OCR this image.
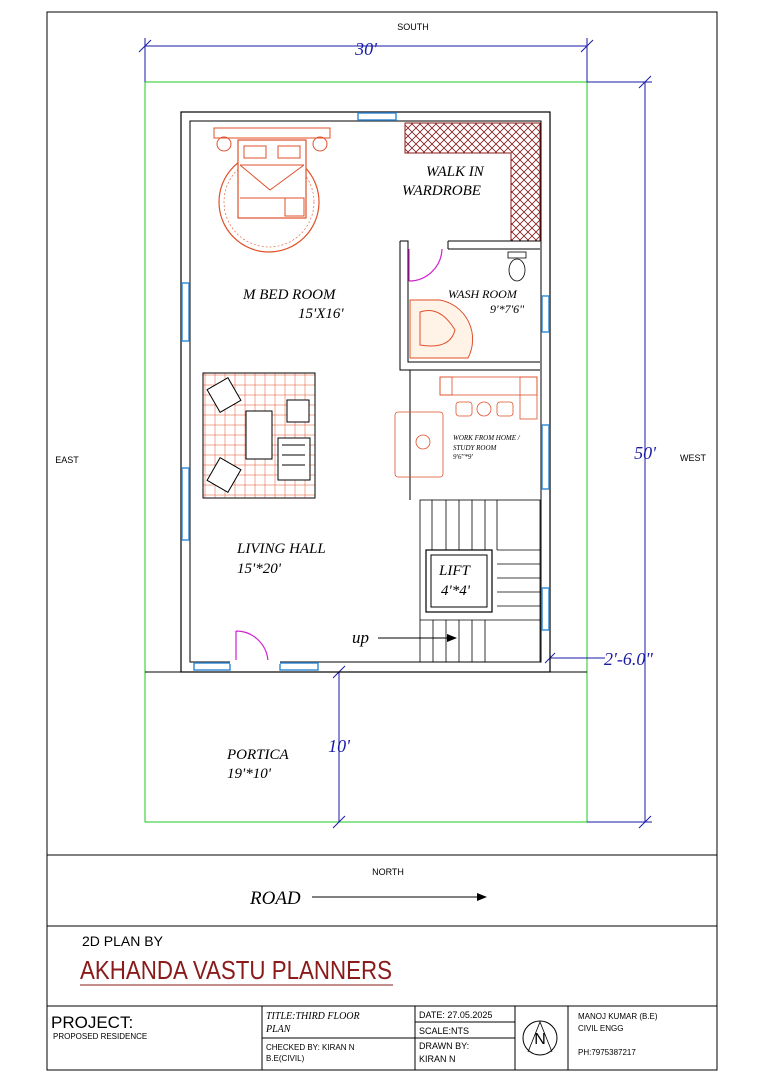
SOUTH
EAST	WEST
NORTH
30'
50'
10'
2'-6.0"
WALK IN
WARDROBE
M BED ROOM
15'X16'
WASH ROOM
9'*7'6"
WORK FROM HOME /
STUDY ROOM
9'6"*9'
LIVING HALL
15'*20'	LIFT
4'*4'
up
PORTICA
19'*10'
ROAD
2D PLAN BY
AKHANDA VASTU PLANNERS
PROJECT:
PROPOSED RESIDENCE
TITLE:THIRD FLOOR
PLAN
CHECKED BY: KIRAN N
B.E(CIVIL)
DATE: 27.05.2025
SCALE:NTS
DRAWN BY:
KIRAN N
N
MANOJ KUMAR (B.E)
CIVIL ENGG
PH:7975387217
